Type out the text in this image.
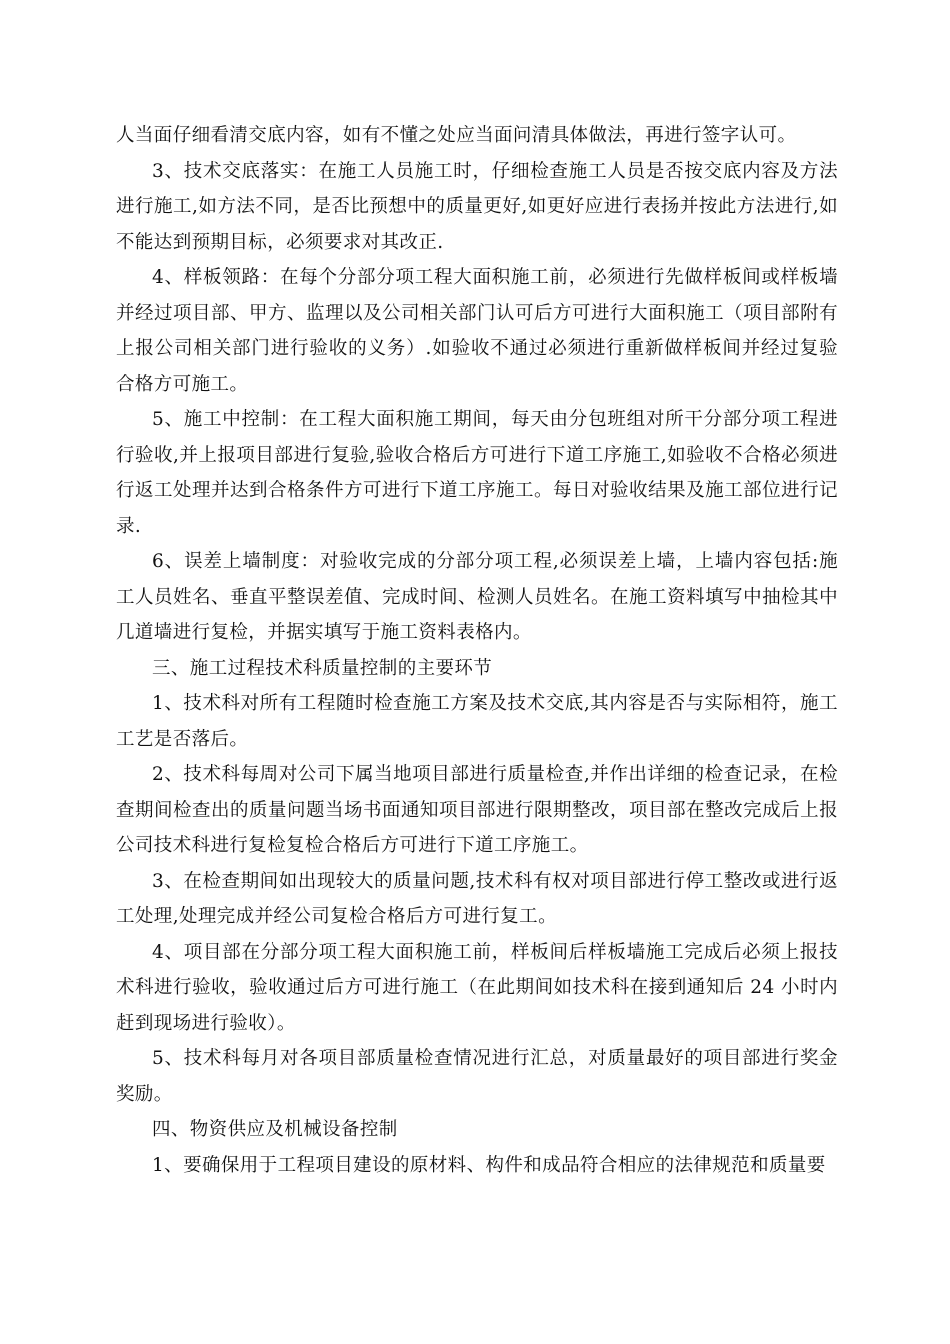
人当面仔细看清交底内容，如有不懂之处应当面问清具体做法，再进行签字认可。

3、技术交底落实：在施工人员施工时，仔细检查施工人员是否按交底内容及方法进行施工,如方法不同，是否比预想中的质量更好,如更好应进行表扬并按此方法进行,如不能达到预期目标，必须要求对其改正.

4、样板领路：在每个分部分项工程大面积施工前，必须进行先做样板间或样板墙并经过项目部、甲方、监理以及公司相关部门认可后方可进行大面积施工（项目部附有上报公司相关部门进行验收的义务）.如验收不通过必须进行重新做样板间并经过复验合格方可施工。

5、施工中控制：在工程大面积施工期间，每天由分包班组对所干分部分项工程进行验收,并上报项目部进行复验,验收合格后方可进行下道工序施工,如验收不合格必须进行返工处理并达到合格条件方可进行下道工序施工。每日对验收结果及施工部位进行记录.

6、误差上墙制度：对验收完成的分部分项工程,必须误差上墙，上墙内容包括:施工人员姓名、垂直平整误差值、完成时间、检测人员姓名。在施工资料填写中抽检其中几道墙进行复检，并据实填写于施工资料表格内。

三、施工过程技术科质量控制的主要环节

1、技术科对所有工程随时检查施工方案及技术交底,其内容是否与实际相符，施工工艺是否落后。

2、技术科每周对公司下属当地项目部进行质量检查,并作出详细的检查记录，在检查期间检查出的质量问题当场书面通知项目部进行限期整改，项目部在整改完成后上报公司技术科进行复检复检合格后方可进行下道工序施工。

3、在检查期间如出现较大的质量问题,技术科有权对项目部进行停工整改或进行返工处理,处理完成并经公司复检合格后方可进行复工。

4、项目部在分部分项工程大面积施工前，样板间后样板墙施工完成后必须上报技术科进行验收，验收通过后方可进行施工（在此期间如技术科在接到通知后 24 小时内赶到现场进行验收）。

5、技术科每月对各项目部质量检查情况进行汇总，对质量最好的项目部进行奖金奖励。

四、物资供应及机械设备控制

1、要确保用于工程项目建设的原材料、构件和成品符合相应的法律规范和质量要
